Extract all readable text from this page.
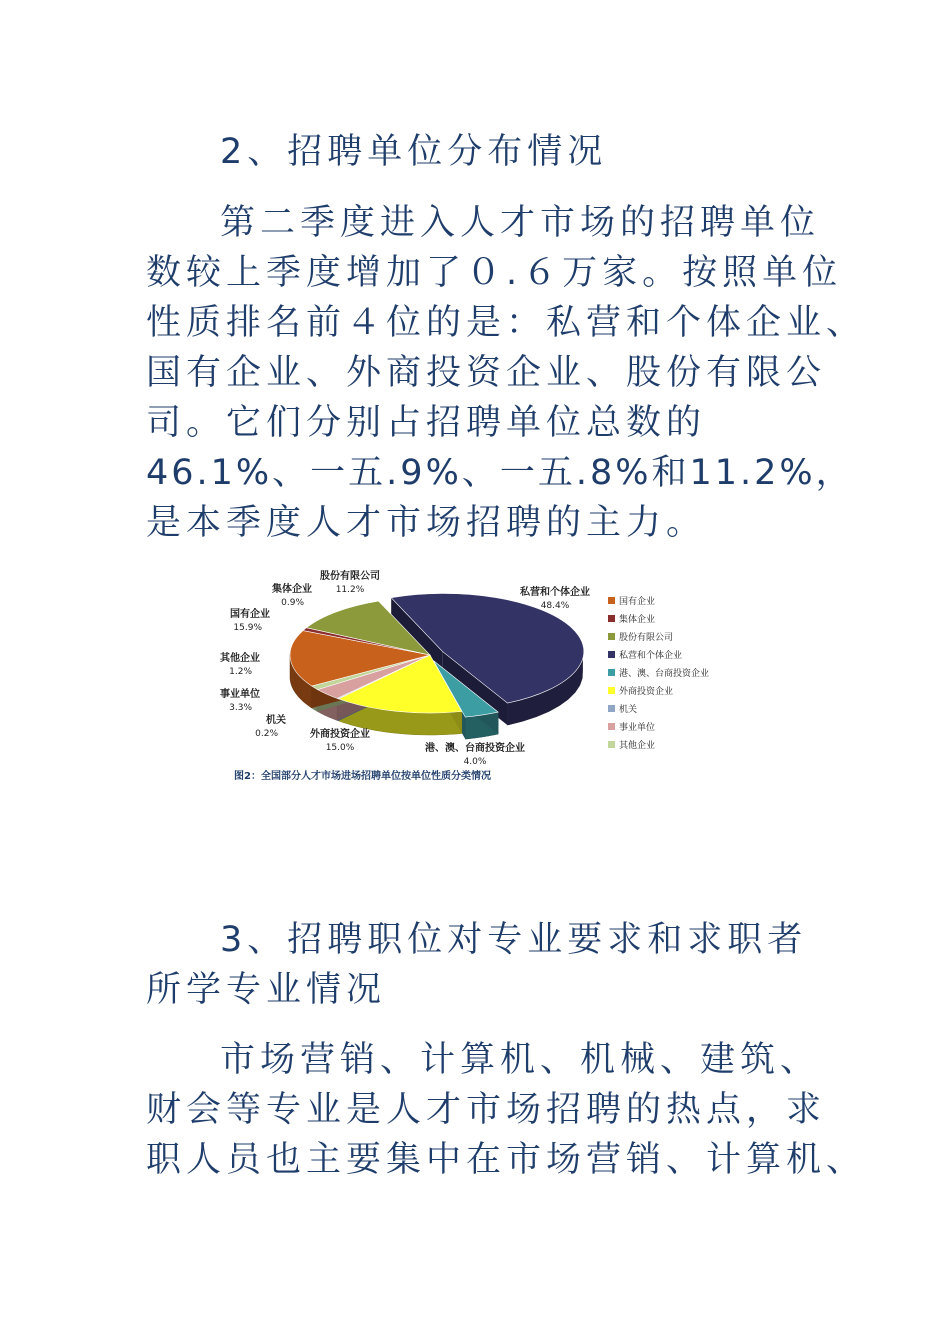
2、招聘单位分布情况
第二季度进入人才市场的招聘单位
数较上季度增加了０.６万家。按照单位
性质排名前４位的是：私营和个体企业、
国有企业、外商投资企业、股份有限公
司。它们分别占招聘单位总数的
46.1%、一五.9%、一五.8%和11.2%，
是本季度人才市场招聘的主力。
国有企业
15.9%
集体企业
0.9%
股份有限公司
11.2%	私营和个体企业
48.4%
港、澳、台商投资企业
4.0%
外商投资企业
15.0%
机关
0.2%
事业单位
3.3%
其他企业
1.2%
国有企业
集体企业
股份有限公司
私营和个体企业
港、澳、台商投资企业
外商投资企业
机关
事业单位
其他企业
图2：全国部分人才市场进场招聘单位按单位性质分类情况
3、招聘职位对专业要求和求职者
所学专业情况
市场营销、计算机、机械、建筑、
财会等专业是人才市场招聘的热点，求
职人员也主要集中在市场营销、计算机、
